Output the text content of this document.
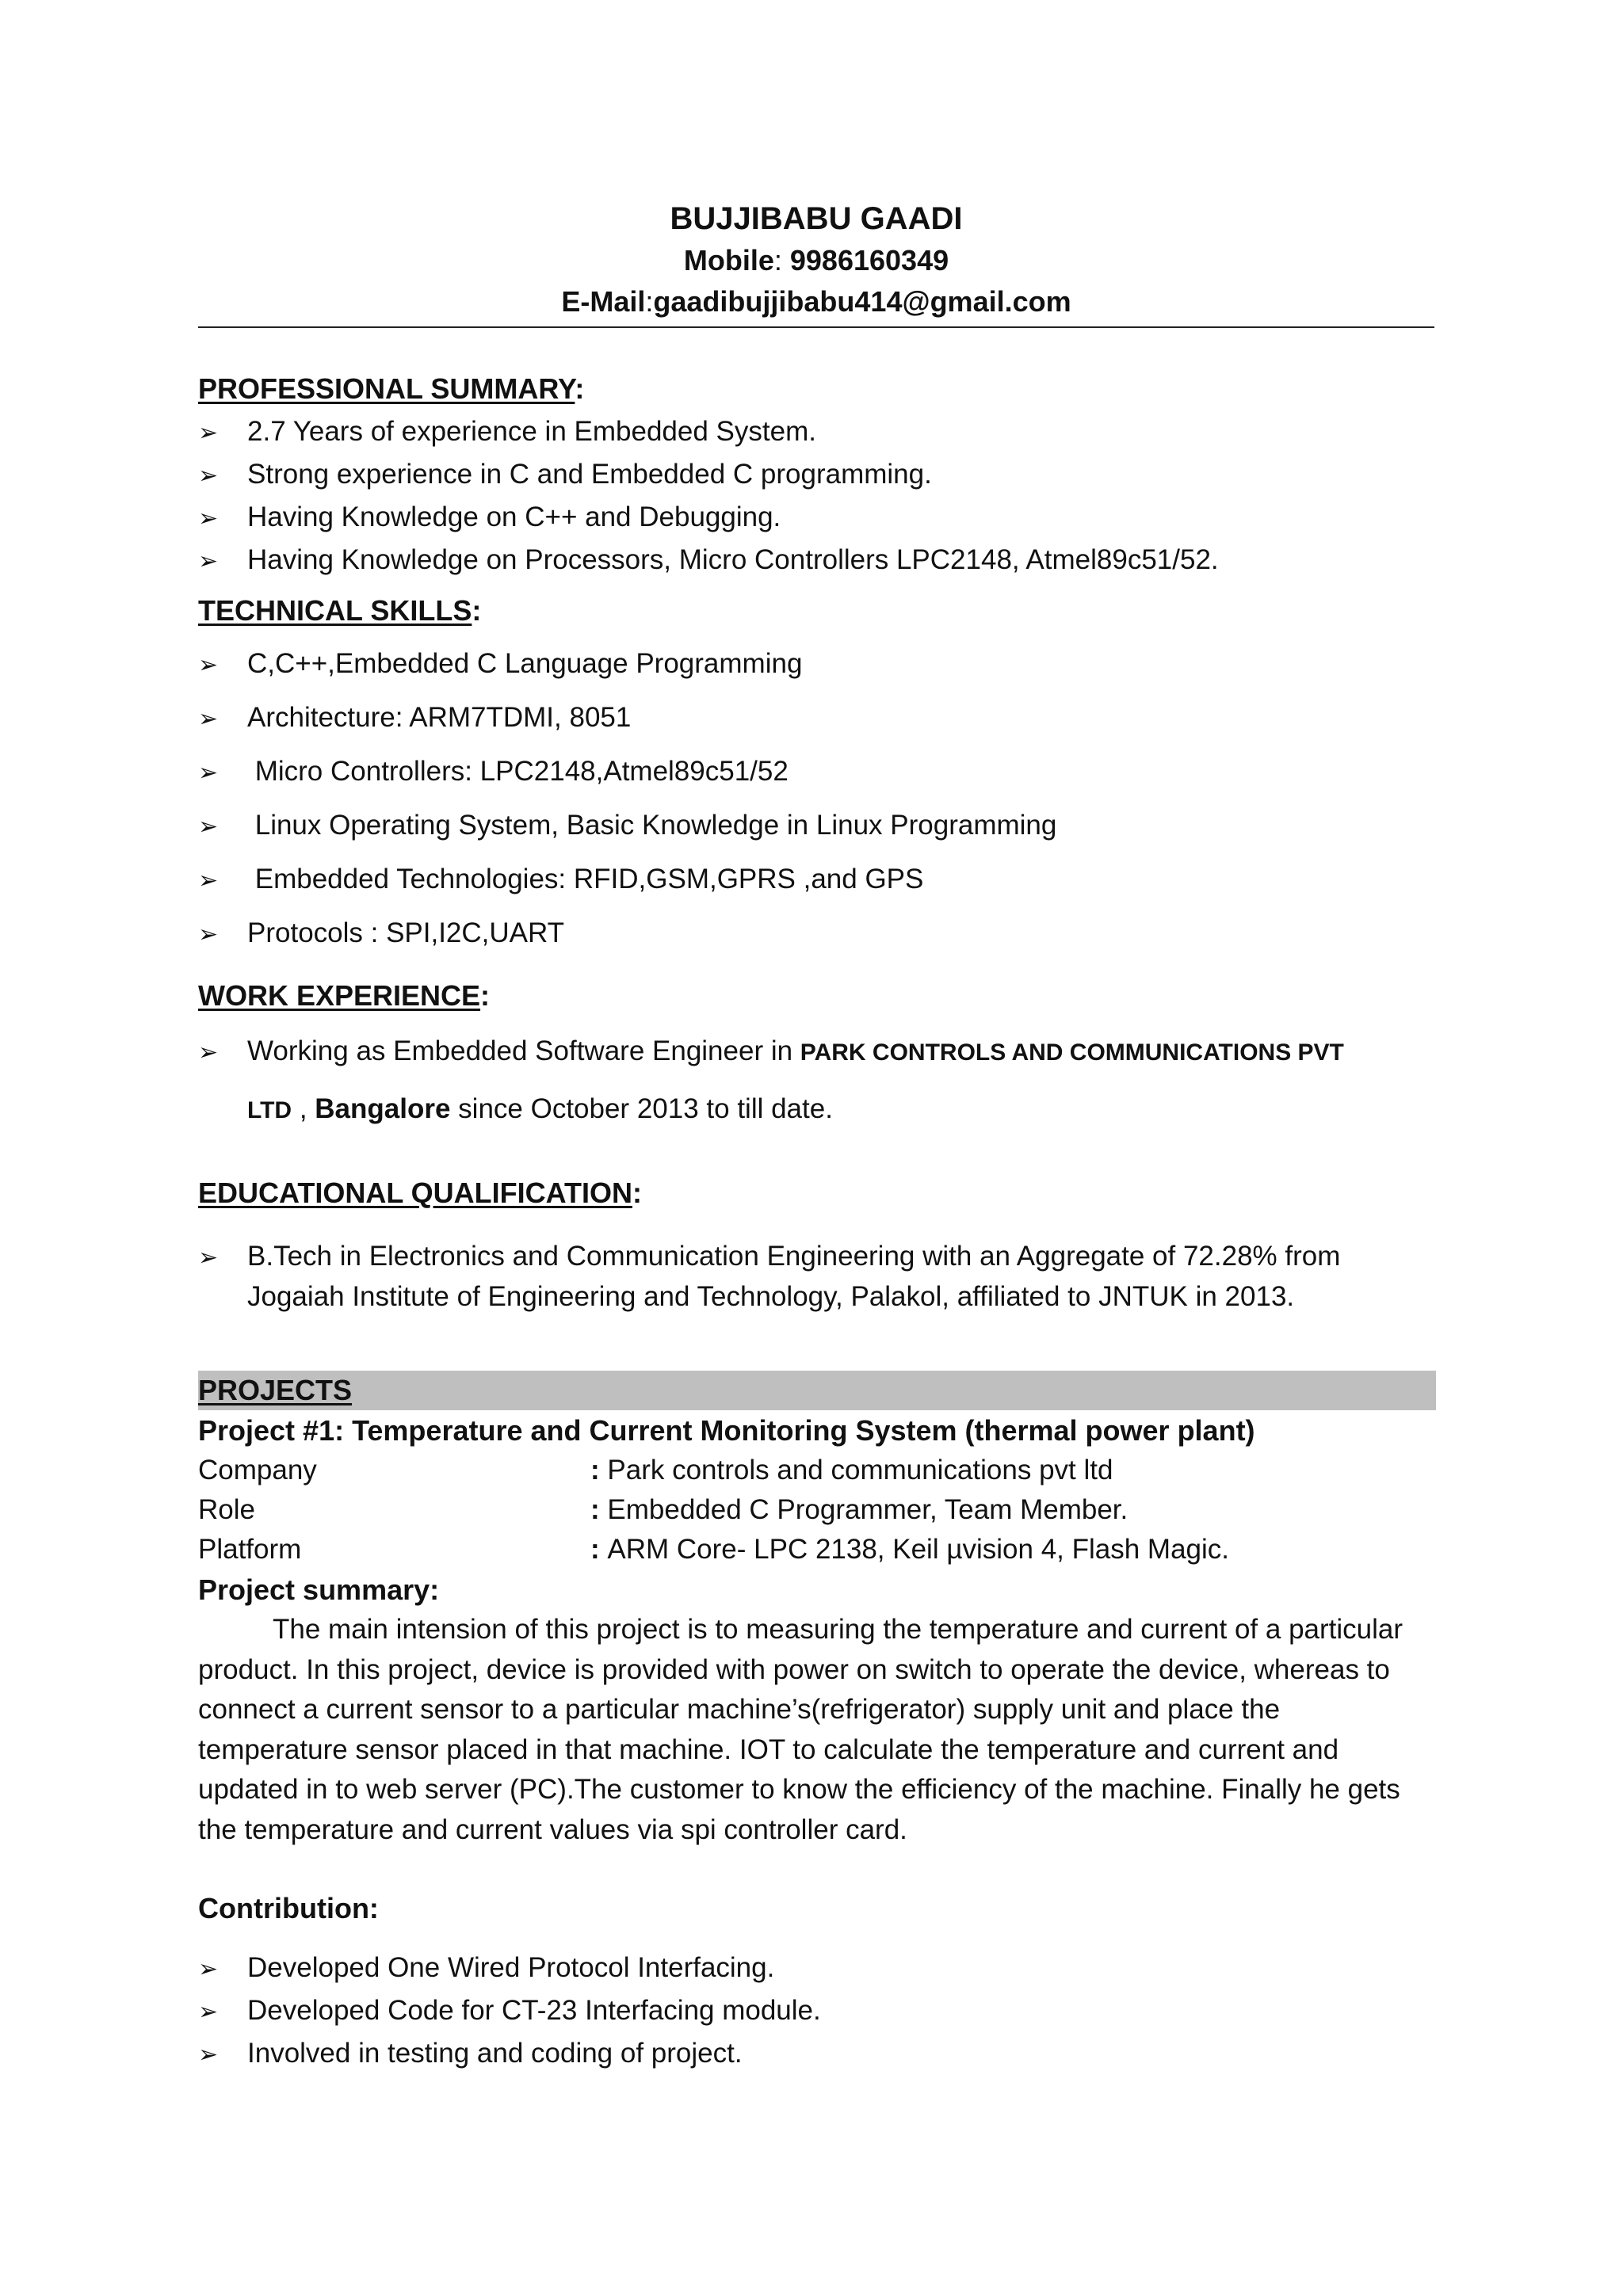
BUJJIBABU GAADI
Mobile: 9986160349
E-Mail:gaadibujjibabu414@gmail.com
PROFESSIONAL SUMMARY:
➢ 2.7 Years of experience in Embedded System.
➢ Strong experience in C and Embedded C programming.
➢ Having Knowledge on C++ and Debugging.
➢ Having Knowledge on Processors, Micro Controllers LPC2148, Atmel89c51/52.
TECHNICAL SKILLS:
➢ C,C++,Embedded C Language Programming
➢ Architecture: ARM7TDMI, 8051
➢ Micro Controllers: LPC2148,Atmel89c51/52
➢ Linux Operating System, Basic Knowledge in Linux Programming
➢ Embedded Technologies: RFID,GSM,GPRS ,and GPS
➢ Protocols : SPI,I2C,UART
WORK EXPERIENCE:
➢ Working as Embedded Software Engineer in PARK CONTROLS AND COMMUNICATIONS PVT
LTD , Bangalore since October 2013 to till date.
EDUCATIONAL QUALIFICATION:
➢	B.Tech in Electronics and Communication Engineering with an Aggregate of 72.28% from Jogaiah Institute of Engineering and Technology, Palakol, affiliated to JNTUK in 2013.
PROJECTS
Project #1: Temperature and Current Monitoring System (thermal power plant)
Company	: Park controls and communications pvt ltd
Role	: Embedded C Programmer, Team Member.
Platform	: ARM Core- LPC 2138, Keil µvision 4, Flash Magic.
Project summary:
The main intension of this project is to measuring the temperature and current of a particular product. In this project, device is provided with power on switch to operate the device, whereas to connect a current sensor to a particular machine’s(refrigerator) supply unit and place the temperature sensor placed in that machine. IOT to calculate the temperature and current and updated in to web server (PC).The customer to know the efficiency of the machine. Finally he gets the temperature and current values via spi controller card.
Contribution:
➢ Developed One Wired Protocol Interfacing.
➢ Developed Code for CT-23 Interfacing module.
➢ Involved in testing and coding of project.
